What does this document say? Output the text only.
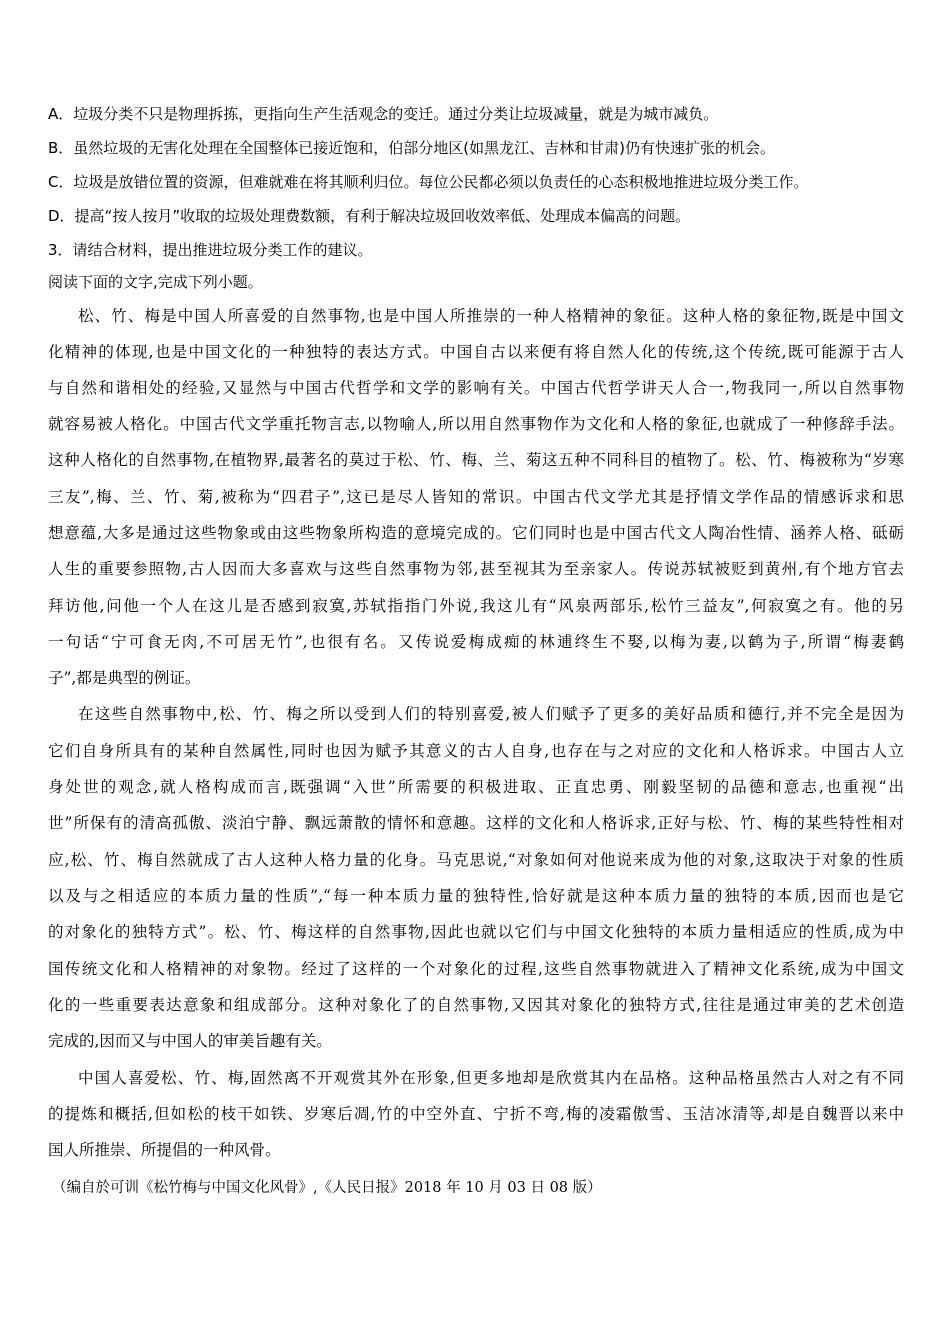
A．垃圾分类不只是物理拆拣，更指向生产生活观念的变迁。通过分类让垃圾减量，就是为城市减负。
B．虽然垃圾的无害化处理在全国整体已接近饱和，伯部分地区(如黑龙江、吉林和甘肃)仍有快速扩张的机会。
C．垃圾是放错位置的资源，但难就难在将其顺利归位。每位公民都必须以负责任的心态积极地推进垃圾分类工作。
D．提高“按人按月”收取的垃圾处理费数额，有利于解决垃圾回收效率低、处理成本偏高的问题。
3．请结合材料，提出推进垃圾分类工作的建议。
阅读下面的文字,完成下列小题。
松、竹、梅是中国人所喜爱的自然事物,也是中国人所推崇的一种人格精神的象征。这种人格的象征物,既是中国文
化精神的体现,也是中国文化的一种独特的表达方式。中国自古以来便有将自然人化的传统,这个传统,既可能源于古人
与自然和谐相处的经验,又显然与中国古代哲学和文学的影响有关。中国古代哲学讲天人合一,物我同一,所以自然事物
就容易被人格化。中国古代文学重托物言志,以物喻人,所以用自然事物作为文化和人格的象征,也就成了一种修辞手法。
这种人格化的自然事物,在植物界,最著名的莫过于松、竹、梅、兰、菊这五种不同科目的植物了。松、竹、梅被称为“岁寒
三友”,梅、兰、竹、菊,被称为“四君子”,这已是尽人皆知的常识。中国古代文学尤其是抒情文学作品的情感诉求和思
想意蕴,大多是通过这些物象或由这些物象所构造的意境完成的。它们同时也是中国古代文人陶冶性情、涵养人格、砥砺
人生的重要参照物,古人因而大多喜欢与这些自然事物为邻,甚至视其为至亲家人。传说苏轼被贬到黄州,有个地方官去
拜访他,问他一个人在这儿是否感到寂寞,苏轼指指门外说,我这儿有“风泉两部乐,松竹三益友”,何寂寞之有。他的另
一句话“宁可食无肉,不可居无竹”,也很有名。又传说爱梅成痴的林逋终生不娶,以梅为妻,以鹤为子,所谓“梅妻鹤
子”,都是典型的例证。
在这些自然事物中,松、竹、梅之所以受到人们的特别喜爱,被人们赋予了更多的美好品质和德行,并不完全是因为
它们自身所具有的某种自然属性,同时也因为赋予其意义的古人自身,也存在与之对应的文化和人格诉求。中国古人立
身处世的观念,就人格构成而言,既强调“入世”所需要的积极进取、正直忠勇、刚毅坚韧的品德和意志,也重视“出
世”所保有的清高孤傲、淡泊宁静、飘远萧散的情怀和意趣。这样的文化和人格诉求,正好与松、竹、梅的某些特性相对
应,松、竹、梅自然就成了古人这种人格力量的化身。马克思说,“对象如何对他说来成为他的对象,这取决于对象的性质
以及与之相适应的本质力量的性质”,“每一种本质力量的独特性,恰好就是这种本质力量的独特的本质,因而也是它
的对象化的独特方式”。松、竹、梅这样的自然事物,因此也就以它们与中国文化独特的本质力量相适应的性质,成为中
国传统文化和人格精神的对象物。经过了这样的一个对象化的过程,这些自然事物就进入了精神文化系统,成为中国文
化的一些重要表达意象和组成部分。这种对象化了的自然事物,又因其对象化的独特方式,往往是通过审美的艺术创造
完成的,因而又与中国人的审美旨趣有关。
中国人喜爱松、竹、梅,固然离不开观赏其外在形象,但更多地却是欣赏其内在品格。这种品格虽然古人对之有不同
的提炼和概括,但如松的枝干如铁、岁寒后凋,竹的中空外直、宁折不弯,梅的凌霜傲雪、玉洁冰清等,却是自魏晋以来中
国人所推崇、所提倡的一种风骨。
（编自於可训《松竹梅与中国文化风骨》,《人民日报》2018 年 10 月 03 日 08 版）
